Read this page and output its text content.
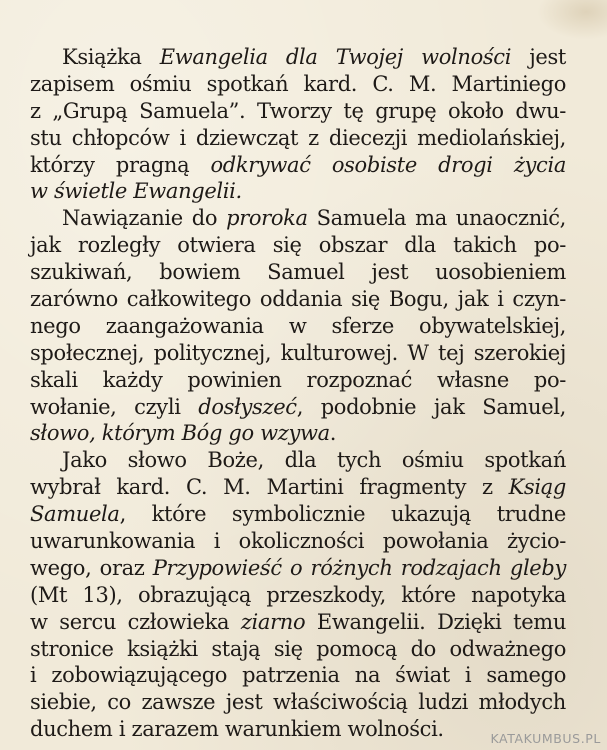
Książka Ewangelia dla Twojej wolności jest
zapisem ośmiu spotkań kard. C. M. Martiniego
z „Grupą Samuela”. Tworzy tę grupę około dwu-
stu chłopców i dziewcząt z diecezji mediolańskiej,
którzy pragną odkrywać osobiste drogi życia
w świetle Ewangelii.
Nawiązanie do proroka Samuela ma unaocznić,
jak rozległy otwiera się obszar dla takich po-
szukiwań, bowiem Samuel jest uosobieniem
zarówno całkowitego oddania się Bogu, jak i czyn-
nego zaangażowania w sferze obywatelskiej,
społecznej, politycznej, kulturowej. W tej szerokiej
skali każdy powinien rozpoznać własne po-
wołanie, czyli dosłyszeć, podobnie jak Samuel,
słowo, którym Bóg go wzywa.
Jako słowo Boże, dla tych ośmiu spotkań
wybrał kard. C. M. Martini fragmenty z Ksiąg
Samuela, które symbolicznie ukazują trudne
uwarunkowania i okoliczności powołania życio-
wego, oraz Przypowieść o różnych rodzajach gleby
(Mt 13), obrazującą przeszkody, które napotyka
w sercu człowieka ziarno Ewangelii. Dzięki temu
stronice książki stają się pomocą do odważnego
i zobowiązującego patrzenia na świat i samego
siebie, co zawsze jest właściwością ludzi młodych
duchem i zarazem warunkiem wolności.	KATAKUMBUS.PL
